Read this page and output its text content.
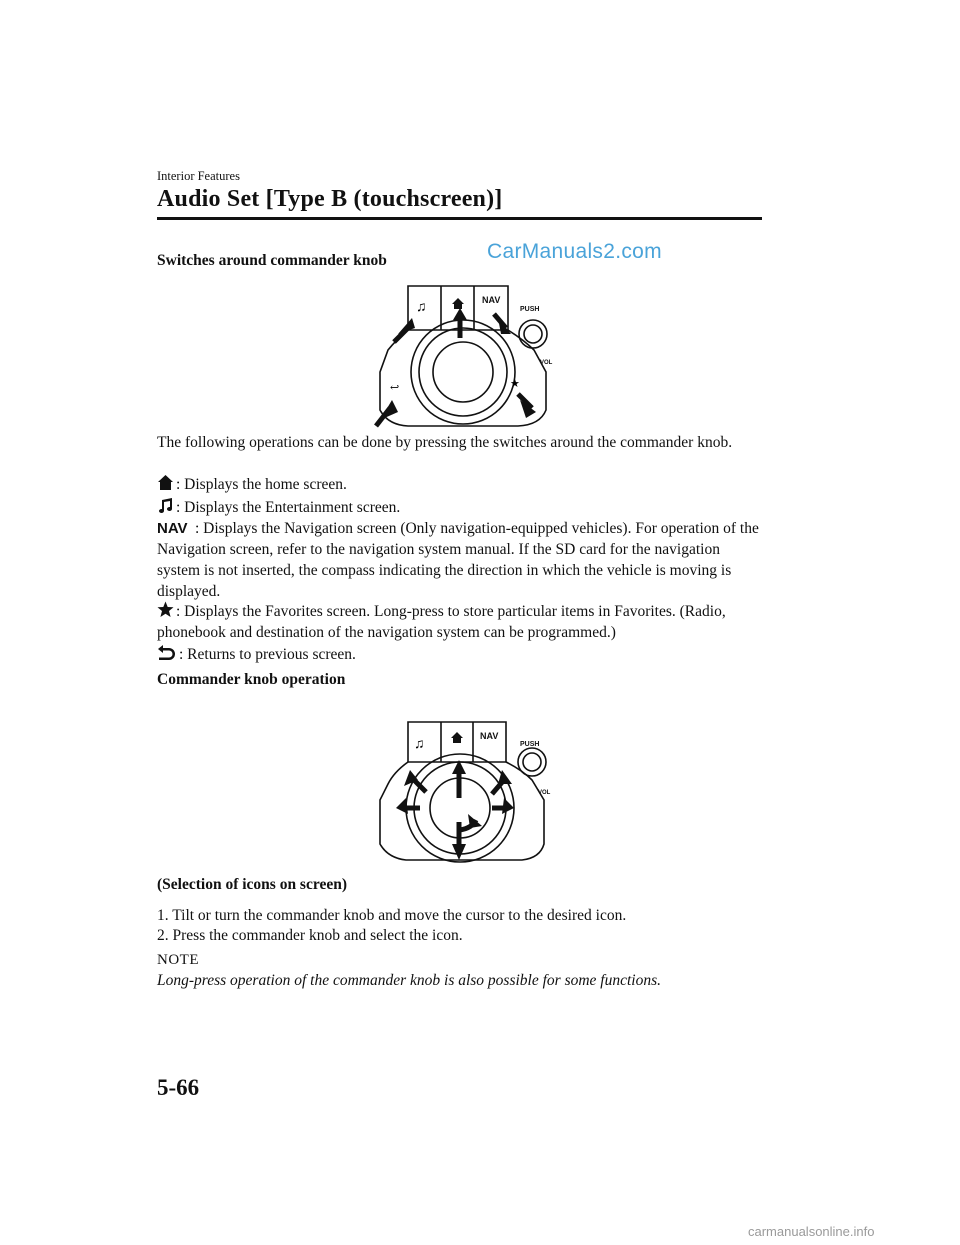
Interior Features
Audio Set [Type B (touchscreen)]
Switches around commander knob	CarManuals2.com
NAV
PUSH
VOL
♫
★
↩
The following operations can be done by pressing the switches around the commander knob.
: Displays the home screen.
: Displays the Entertainment screen.
NAV : Displays the Navigation screen (Only navigation-equipped vehicles). For operation of the Navigation screen, refer to the navigation system manual. If the SD card for the navigation system is not inserted, the compass indicating the direction in which the vehicle is moving is displayed.
: Displays the Favorites screen. Long-press to store particular items in Favorites. (Radio, phonebook and destination of the navigation system can be programmed.)
: Returns to previous screen.
Commander knob operation
NAV
PUSH
VOL
♫
(Selection of icons on screen)
1. Tilt or turn the commander knob and move the cursor to the desired icon.
2. Press the commander knob and select the icon.
NOTE
Long-press operation of the commander knob is also possible for some functions.
5-66
carmanualsonline.info
